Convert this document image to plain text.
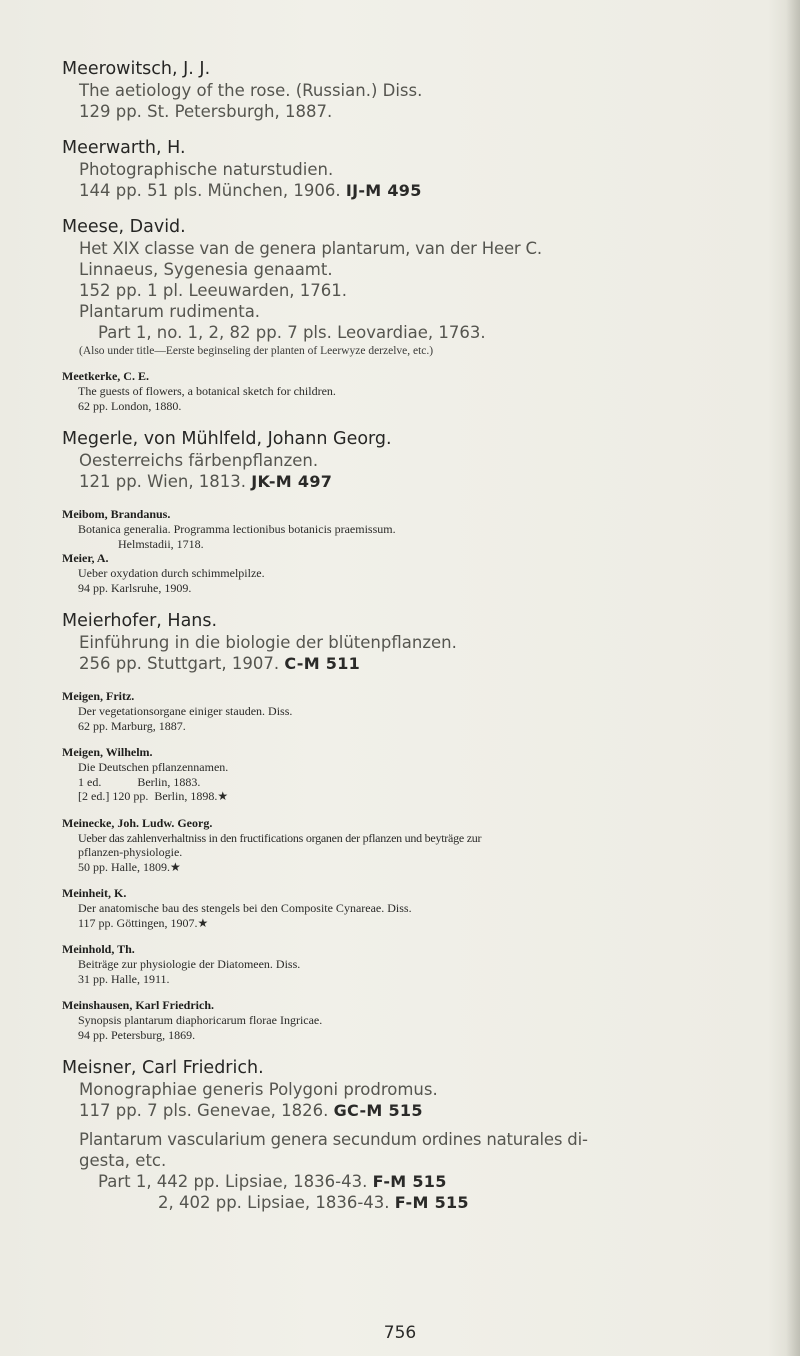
Meerowitsch, J. J.

The aetiology of the rose. (Russian.) Diss.

129 pp. St. Petersburgh, 1887.

Meerwarth, H.

Photographische naturstudien.

144 pp. 51 pls. München, 1906. IJ-M 495

Meese, David.

Het XIX classe van de genera plantarum, van der Heer C.

Linnaeus, Sygenesia genaamt.

152 pp. 1 pl. Leeuwarden, 1761.

Plantarum rudimenta.

Part 1, no. 1, 2, 82 pp. 7 pls. Leovardiae, 1763.

(Also under title—Eerste beginseling der planten of Leerwyze derzelve, etc.)

Meetkerke, C. E.

The guests of flowers, a botanical sketch for children.

62 pp. London, 1880.

Megerle, von Mühlfeld, Johann Georg.

Oesterreichs färbenpflanzen.

121 pp. Wien, 1813. JK-M 497

Meibom, Brandanus.

Botanica generalia. Programma lectionibus botanicis praemissum.

Helmstadii, 1718.

Meier, A.

Ueber oxydation durch schimmelpilze.

94 pp. Karlsruhe, 1909.

Meierhofer, Hans.

Einführung in die biologie der blütenpflanzen.

256 pp. Stuttgart, 1907. C-M 511

Meigen, Fritz.

Der vegetationsorgane einiger stauden. Diss.

62 pp. Marburg, 1887.

Meigen, Wilhelm.

Die Deutschen pflanzennamen.

1 ed.            Berlin, 1883.

[2 ed.] 120 pp.  Berlin, 1898.★

Meinecke, Joh. Ludw. Georg.

Ueber das zahlenverhaltniss in den fructifications organen der pflanzen und beyträge zur

pflanzen-physiologie.

50 pp. Halle, 1809.★

Meinheit, K.

Der anatomische bau des stengels bei den Composite Cynareae. Diss.

117 pp. Göttingen, 1907.★

Meinhold, Th.

Beiträge zur physiologie der Diatomeen. Diss.

31 pp. Halle, 1911.

Meinshausen, Karl Friedrich.

Synopsis plantarum diaphoricarum florae Ingricae.

94 pp. Petersburg, 1869.

Meisner, Carl Friedrich.

Monographiae generis Polygoni prodromus.

117 pp. 7 pls. Genevae, 1826. GC-M 515

Plantarum vascularium genera secundum ordines naturales di-

gesta, etc.

Part 1, 442 pp. Lipsiae, 1836-43. F-M 515

2, 402 pp. Lipsiae, 1836-43. F-M 515

756
